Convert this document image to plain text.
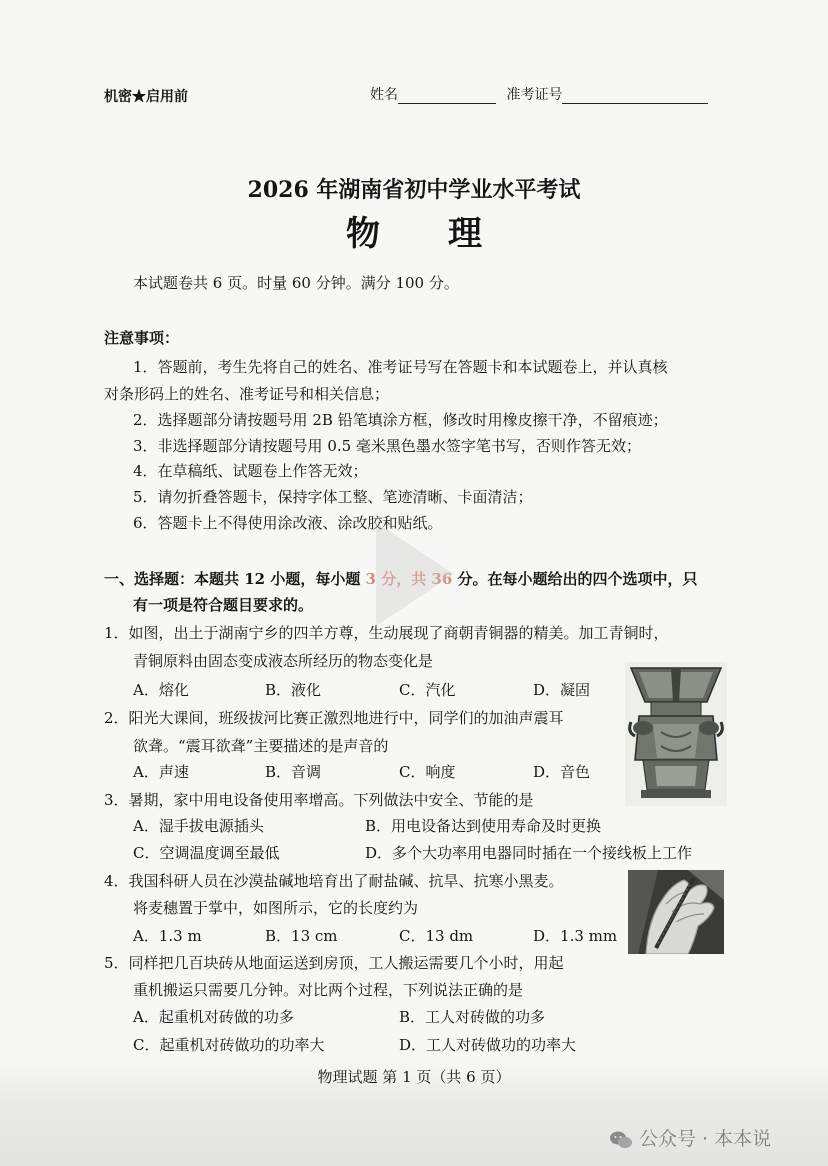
机密★启用前	姓名	准考证号
2026 年湖南省初中学业水平考试
物　　理
本试题卷共 6 页。时量 60 分钟。满分 100 分。
注意事项：
1．答题前，考生先将自己的姓名、准考证号写在答题卡和本试题卷上，并认真核
对条形码上的姓名、准考证号和相关信息；
2．选择题部分请按题号用 2B 铅笔填涂方框，修改时用橡皮擦干净，不留痕迹；
3．非选择题部分请按题号用 0.5 毫米黑色墨水签字笔书写，否则作答无效；
4．在草稿纸、试题卷上作答无效；
5．请勿折叠答题卡，保持字体工整、笔迹清晰、卡面清洁；
6．答题卡上不得使用涂改液、涂改胶和贴纸。
一、选择题：本题共 12 小题，每小题 3 分，共 36 分。在每小题给出的四个选项中，只
有一项是符合题目要求的。
1．如图，出土于湖南宁乡的四羊方尊，生动展现了商朝青铜器的精美。加工青铜时，
青铜原料由固态变成液态所经历的物态变化是
A．熔化	B．液化	C．汽化	D．凝固
2．阳光大课间，班级拔河比赛正激烈地进行中，同学们的加油声震耳
欲聋。“震耳欲聋”主要描述的是声音的
A．声速	B．音调	C．响度	D．音色
3．暑期，家中用电设备使用率增高。下列做法中安全、节能的是
A．湿手拔电源插头	B．用电设备达到使用寿命及时更换
C．空调温度调至最低	D．多个大功率用电器同时插在一个接线板上工作
4．我国科研人员在沙漠盐碱地培育出了耐盐碱、抗旱、抗寒小黑麦。
将麦穗置于掌中，如图所示，它的长度约为
A．1.3 m	B．13 cm	C．13 dm	D．1.3 mm
5．同样把几百块砖从地面运送到房顶，工人搬运需要几个小时，用起
重机搬运只需要几分钟。对比两个过程，下列说法正确的是
A．起重机对砖做的功多	B．工人对砖做的功多
C．起重机对砖做功的功率大	D．工人对砖做功的功率大
物理试题 第 1 页（共 6 页）
公众号 · 本本说
